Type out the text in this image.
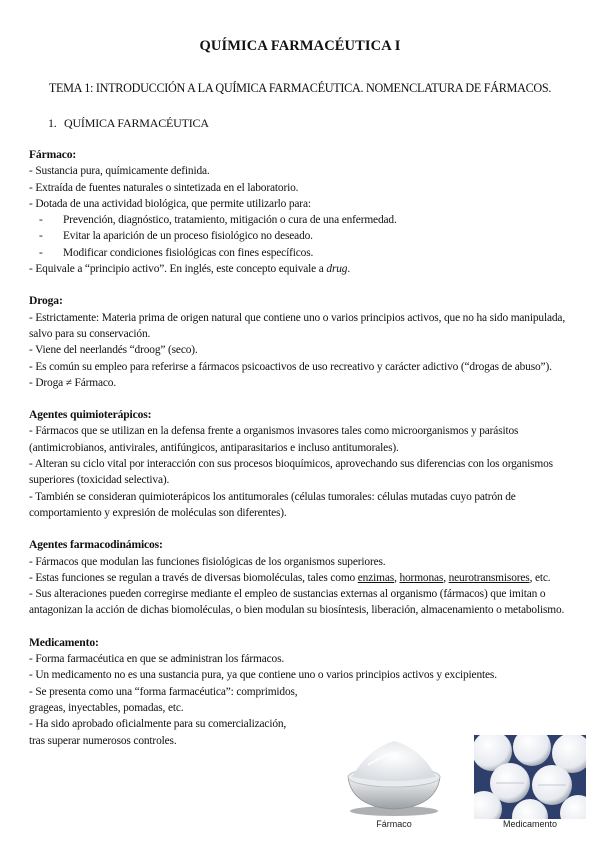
QUÍMICA FARMACÉUTICA I
TEMA 1: INTRODUCCIÓN A LA QUÍMICA FARMACÉUTICA. NOMENCLATURA DE FÁRMACOS.
1. QUÍMICA FARMACÉUTICA
Fármaco:

- Sustancia pura, químicamente definida.

- Extraída de fuentes naturales o sintetizada en el laboratorio.

- Dotada de una actividad biológica, que permite utilizarlo para:

- Prevención, diagnóstico, tratamiento, mitigación o cura de una enfermedad.

- Evitar la aparición de un proceso fisiológico no deseado.

- Modificar condiciones fisiológicas con fines específicos.

- Equivale a “principio activo”. En inglés, este concepto equivale a drug.

Droga:

- Estrictamente: Materia prima de origen natural que contiene uno o varios principios activos, que no ha sido manipulada, salvo para su conservación.

- Viene del neerlandés “droog” (seco).

- Es común su empleo para referirse a fármacos psicoactivos de uso recreativo y carácter adictivo (“drogas de abuso”).

- Droga ≠ Fármaco.

Agentes quimioterápicos:

- Fármacos que se utilizan en la defensa frente a organismos invasores tales como microorganismos y parásitos (antimicrobianos, antivirales, antifúngicos, antiparasitarios e incluso antitumorales).

- Alteran su ciclo vital por interacción con sus procesos bioquímicos, aprovechando sus diferencias con los organismos superiores (toxicidad selectiva).

- También se consideran quimioterápicos los antitumorales (células tumorales: células mutadas cuyo patrón de comportamiento y expresión de moléculas son diferentes).

Agentes farmacodinámicos:

- Fármacos que modulan las funciones fisiológicas de los organismos superiores.

- Estas funciones se regulan a través de diversas biomoléculas, tales como enzimas, hormonas, neurotransmisores, etc.

- Sus alteraciones pueden corregirse mediante el empleo de sustancias externas al organismo (fármacos) que imitan o antagonizan la acción de dichas biomoléculas, o bien modulan su biosíntesis, liberación, almacenamiento o metabolismo.

Medicamento:

- Forma farmacéutica en que se administran los fármacos.

- Un medicamento no es una sustancia pura, ya que contiene uno o varios principios activos y excipientes.

- Se presenta como una “forma farmacéutica”: comprimidos,

grageas, inyectables, pomadas, etc.

- Ha sido aprobado oficialmente para su comercialización,

tras superar numerosos controles.

Fármaco	Medicamento
